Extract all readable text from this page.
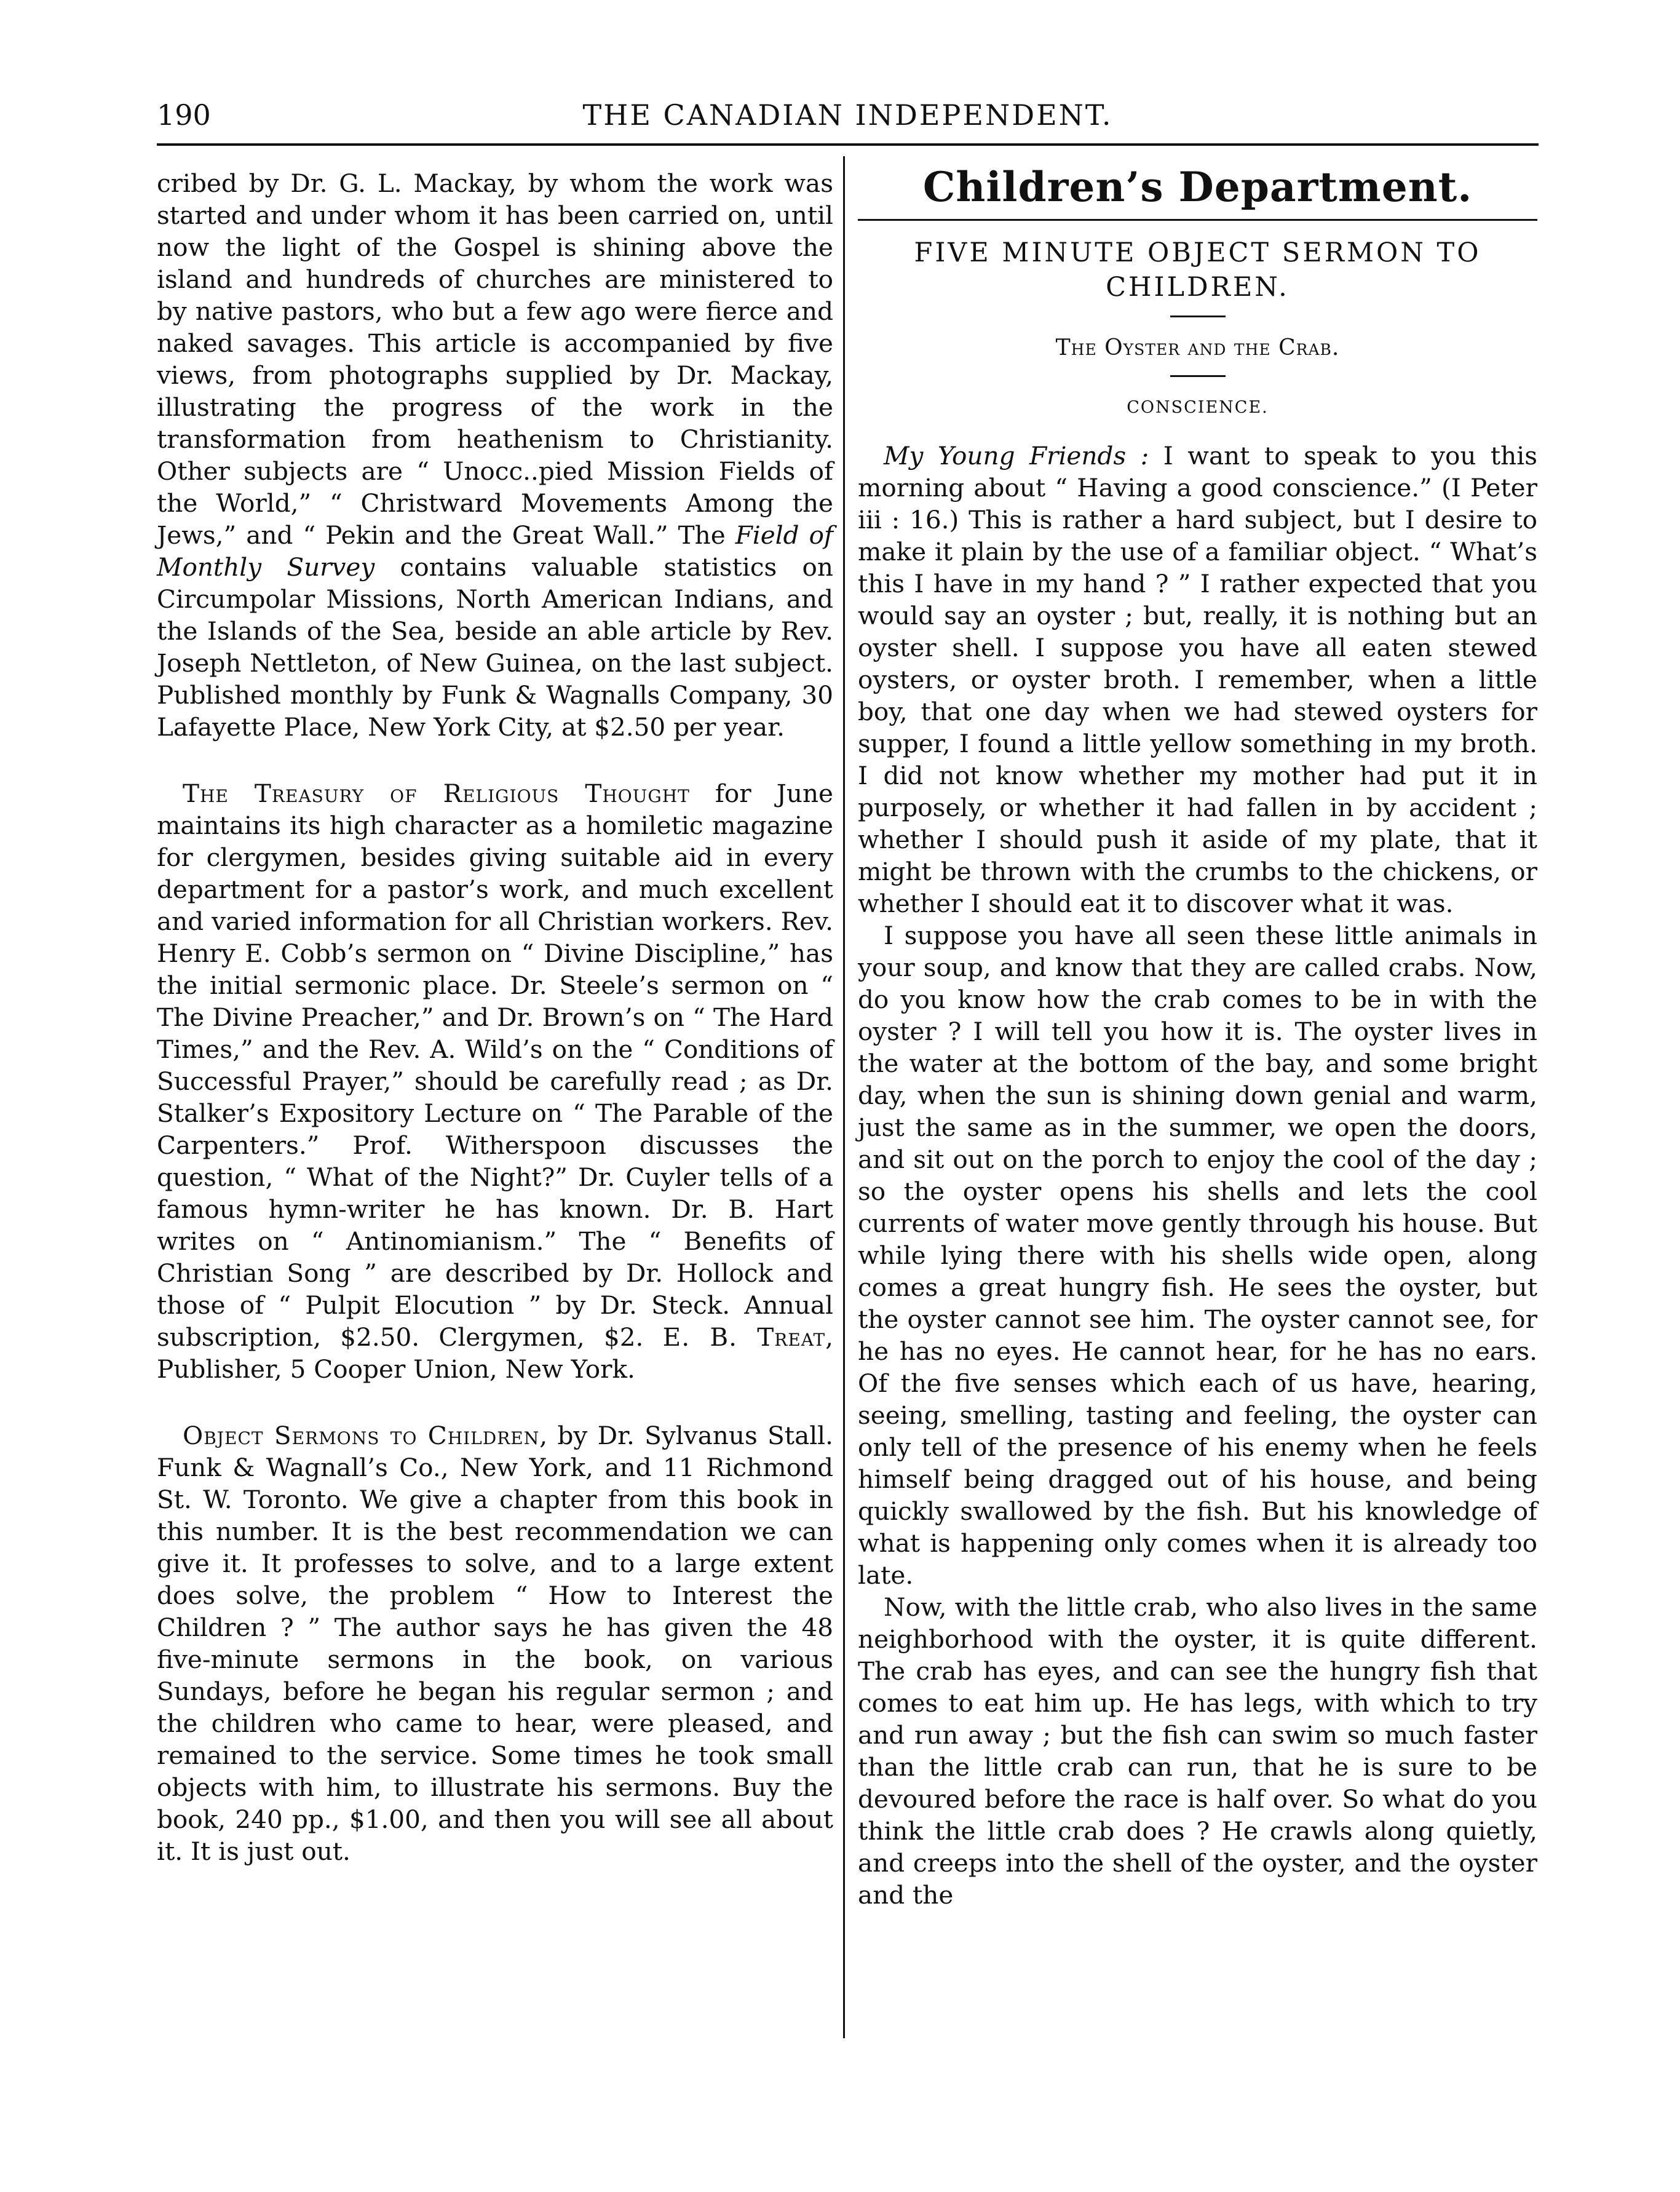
190	THE CANADIAN INDEPENDENT.

cribed by Dr. G. L. Mackay, by whom the work was started and under whom it has been carried on, until now the light of the Gospel is shining above the island and hundreds of churches are ministered to by native pastors, who but a few ago were fierce and naked savages. This article is accompanied by five views, from photographs supplied by Dr. Mackay, illustrating the progress of the work in the transformation from heathenism to Christianity. Other subjects are “ Unocc..pied Mission Fields of the World,” “ Christward Movements Among the Jews,” and “ Pekin and the Great Wall.” The Field of Monthly Survey contains valuable statistics on Circumpolar Missions, North American Indians, and the Islands of the Sea, beside an able article by Rev. Joseph Nettleton, of New Guinea, on the last subject. Published monthly by Funk & Wagnalls Company, 30 Lafayette Place, New York City, at $2.50 per year.

The Treasury of Religious Thought for June maintains its high character as a homiletic magazine for clergymen, besides giving suitable aid in every department for a pastor’s work, and much excellent and varied information for all Christian workers. Rev. Henry E. Cobb’s sermon on “ Divine Discipline,” has the initial sermonic place. Dr. Steele’s sermon on “ The Divine Preacher,” and Dr. Brown’s on “ The Hard Times,” and the Rev. A. Wild’s on the “ Conditions of Successful Prayer,” should be carefully read ; as Dr. Stalker’s Expository Lecture on “ The Parable of the Carpenters.” Prof. Witherspoon discusses the question, “ What of the Night?” Dr. Cuyler tells of a famous hymn-writer he has known. Dr. B. Hart writes on “ Antinomianism.” The “ Benefits of Christian Song ” are described by Dr. Hollock and those of “ Pulpit Elocution ” by Dr. Steck. Annual subscription, $2.50. Clergymen, $2. E. B. Treat, Publisher, 5 Cooper Union, New York.

Object Sermons to Children, by Dr. Sylvanus Stall. Funk & Wagnall’s Co., New York, and 11 Richmond St. W. Toronto. We give a chapter from this book in this number. It is the best recommendation we can give it. It professes to solve, and to a large extent does solve, the problem “ How to Interest the Children ? ” The author says he has given the 48 five-minute sermons in the book, on various Sundays, before he began his regular sermon ; and the children who came to hear, were pleased, and remained to the service. Some times he took small objects with him, to illustrate his sermons. Buy the book, 240 pp., $1.00, and then you will see all about it. It is just out.

Children’s Department.
FIVE MINUTE OBJECT SERMON TO CHILDREN.
The Oyster and the Crab.
CONSCIENCE.

My Young Friends : I want to speak to you this morning about “ Having a good conscience.” (I Peter iii : 16.) This is rather a hard subject, but I desire to make it plain by the use of a familiar object. “ What’s this I have in my hand ? ” I rather expected that you would say an oyster ; but, really, it is nothing but an oyster shell. I suppose you have all eaten stewed oysters, or oyster broth. I remember, when a little boy, that one day when we had stewed oysters for supper, I found a little yellow something in my broth. I did not know whether my mother had put it in purposely, or whether it had fallen in by accident ; whether I should push it aside of my plate, that it might be thrown with the crumbs to the chickens, or whether I should eat it to discover what it was.

I suppose you have all seen these little animals in your soup, and know that they are called crabs. Now, do you know how the crab comes to be in with the oyster ? I will tell you how it is. The oyster lives in the water at the bottom of the bay, and some bright day, when the sun is shining down genial and warm, just the same as in the summer, we open the doors, and sit out on the porch to enjoy the cool of the day ; so the oyster opens his shells and lets the cool currents of water move gently through his house. But while lying there with his shells wide open, along comes a great hungry fish. He sees the oyster, but the oyster cannot see him. The oyster cannot see, for he has no eyes. He cannot hear, for he has no ears. Of the five senses which each of us have, hearing, seeing, smelling, tasting and feeling, the oyster can only tell of the presence of his enemy when he feels himself being dragged out of his house, and being quickly swallowed by the fish. But his knowledge of what is happening only comes when it is already too late.

Now, with the little crab, who also lives in the same neighborhood with the oyster, it is quite different. The crab has eyes, and can see the hungry fish that comes to eat him up. He has legs, with which to try and run away ; but the fish can swim so much faster than the little crab can run, that he is sure to be devoured before the race is half over. So what do you think the little crab does ? He crawls along quietly, and creeps into the shell of the oyster, and the oyster and the
